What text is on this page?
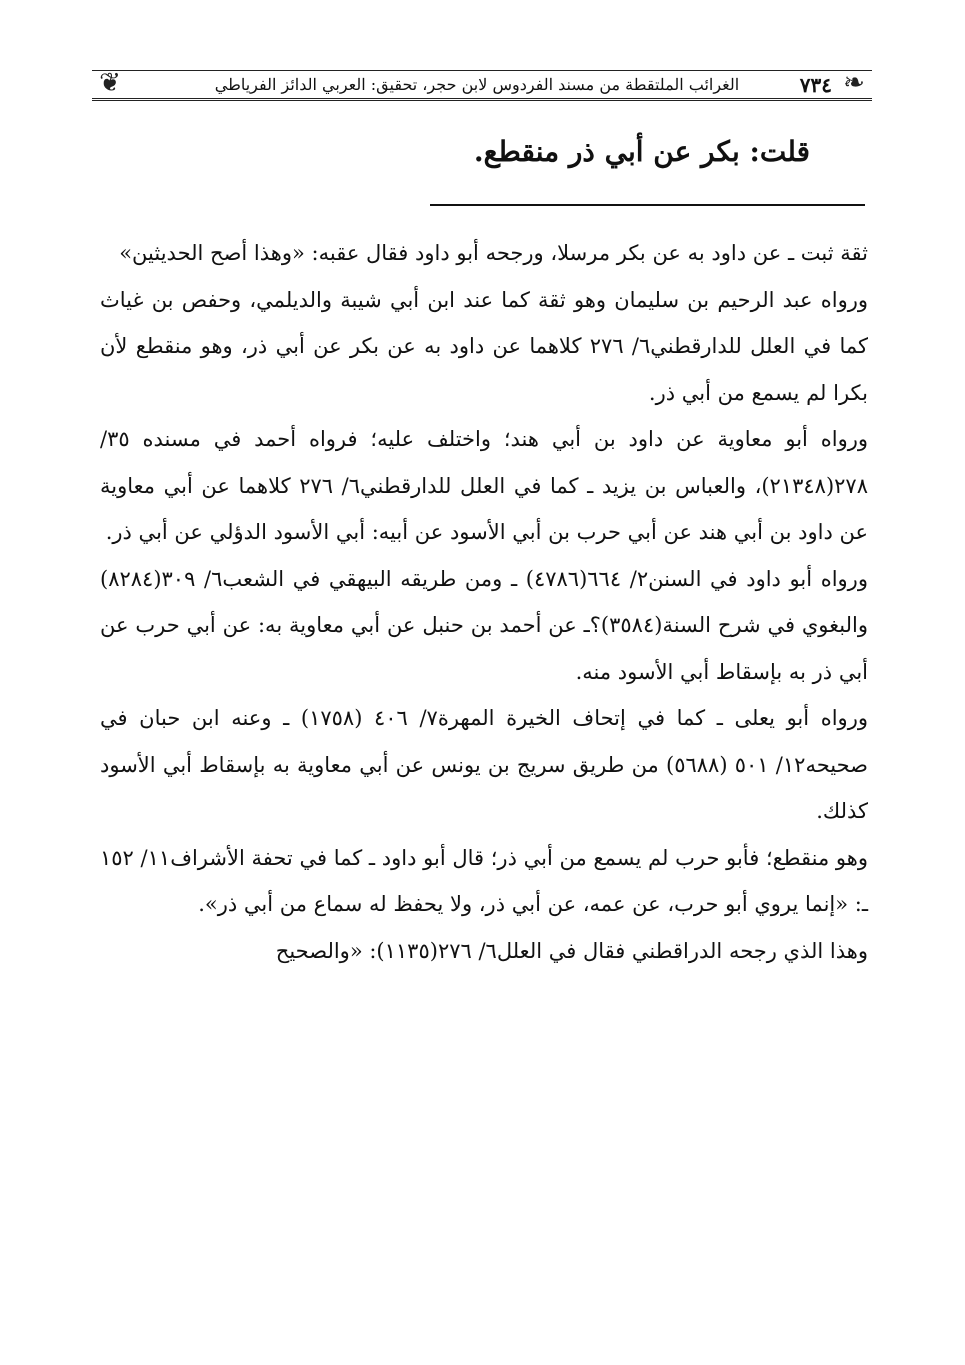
❦	الغرائب الملتقطة من مسند الفردوس لابن حجر، تحقيق: العربي الدائز الفرياطي	٧٣٤ ❧
قلت: بكر عن أبي ذر منقطع.

ثقة ثبت ـ عن داود به عن بكر مرسلا، ورجحه أبو داود فقال عقبه: «وهذا أصح الحديثين»

ورواه عبد الرحيم بن سليمان وهو ثقة كما عند ابن أبي شيبة والديلمي، وحفص بن غياث كما في العلل للدارقطني٦/ ٢٧٦ كلاهما عن داود به عن بكر عن أبي ذر، وهو منقطع لأن بكرا لم يسمع من أبي ذر.

ورواه أبو معاوية عن داود بن أبي هند؛ واختلف عليه؛ فرواه أحمد في مسنده ٣٥/ ٢٧٨(٢١٣٤٨)، والعباس بن يزيد ـ كما في العلل للدارقطني٦/ ٢٧٦ كلاهما عن أبي معاوية عن داود بن أبي هند عن أبي حرب بن أبي الأسود عن أبيه: أبي الأسود الدؤلي عن أبي ذر.

ورواه أبو داود في السنن٢/ ٦٦٤(٤٧٨٦) ـ ومن طريقه البيهقي في الشعب٦/ ٣٠٩(٨٢٨٤) والبغوي في شرح السنة(٣٥٨٤)؟ـ عن أحمد بن حنبل عن أبي معاوية به: عن أبي حرب عن أبي ذر به بإسقاط أبي الأسود منه.

ورواه أبو يعلى ـ كما في إتحاف الخيرة المهرة٧/ ٤٠٦ (١٧٥٨) ـ وعنه ابن حبان في صحيحه١٢/ ٥٠١ (٥٦٨٨) من طريق سريج بن يونس عن أبي معاوية به بإسقاط أبي الأسود كذلك.

وهو منقطع؛ فأبو حرب لم يسمع من أبي ذر؛ قال أبو داود ـ كما في تحفة الأشراف١١/ ١٥٢ ـ: «إنما يروي أبو حرب، عن عمه، عن أبي ذر، ولا يحفظ له سماع من أبي ذر».

وهذا الذي رجحه الدراقطني فقال في العلل٦/ ٢٧٦(١١٣٥): «والصحيح
